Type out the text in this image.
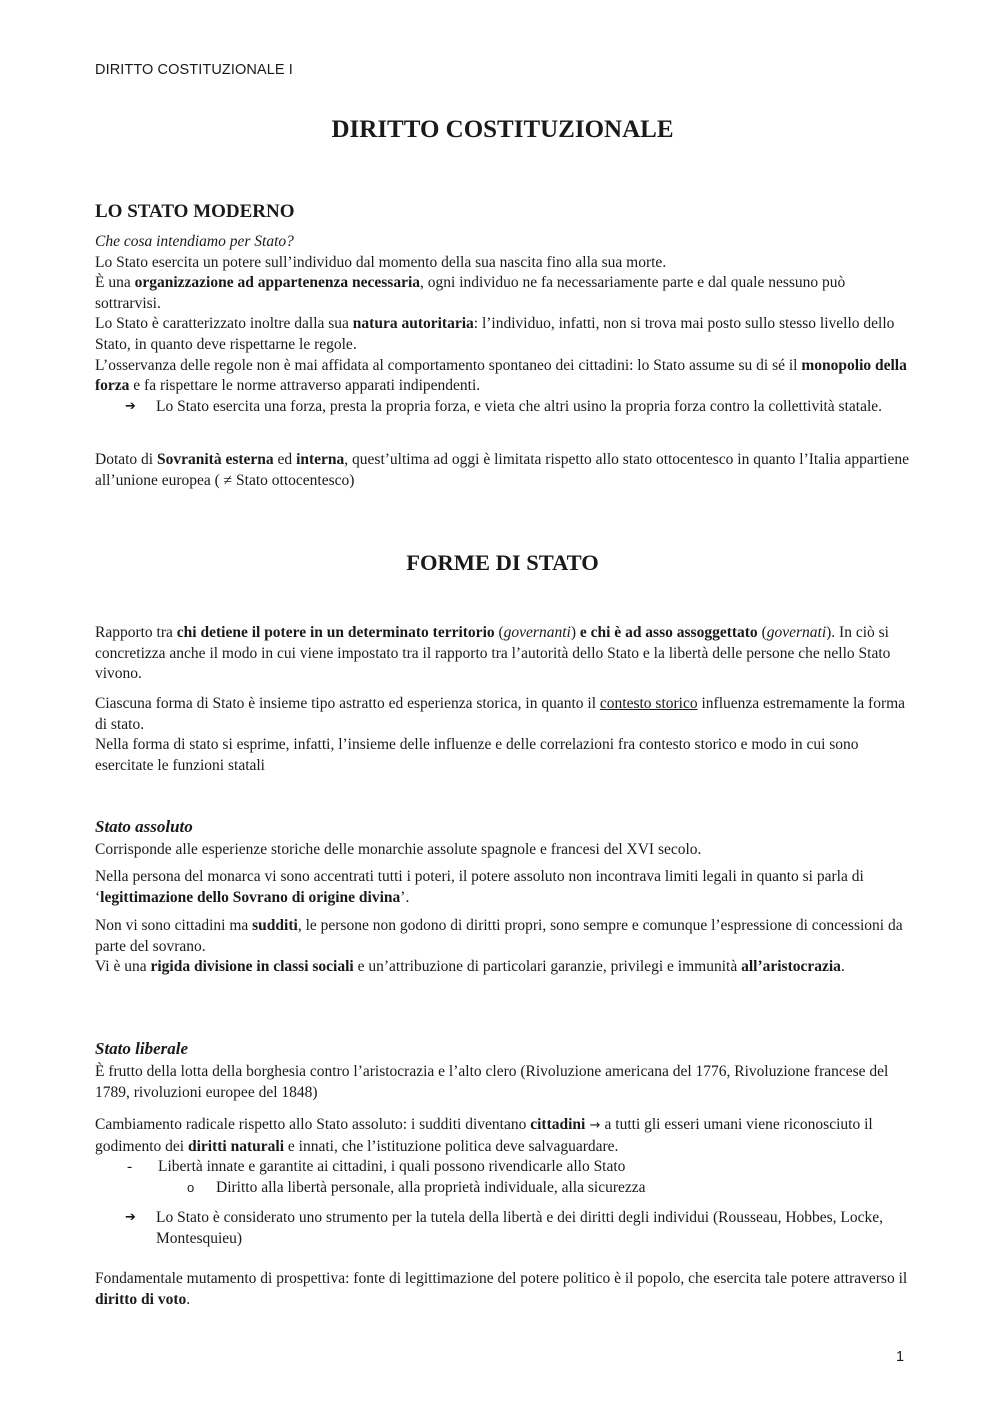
DIRITTO COSTITUZIONALE I
DIRITTO COSTITUZIONALE
LO STATO MODERNO

Che cosa intendiamo per Stato?

Lo Stato esercita un potere sull’individuo dal momento della sua nascita fino alla sua morte.

È una organizzazione ad appartenenza necessaria, ogni individuo ne fa necessariamente parte e dal quale nessuno può sottrarvisi.

Lo Stato è caratterizzato inoltre dalla sua natura autoritaria: l’individuo, infatti, non si trova mai posto sullo stesso livello dello Stato, in quanto deve rispettarne le regole.

L’osservanza delle regole non è mai affidata al comportamento spontaneo dei cittadini: lo Stato assume su di sé il monopolio della forza e fa rispettare le norme attraverso apparati indipendenti.

➔	Lo Stato esercita una forza, presta la propria forza, e vieta che altri usino la propria forza contro la collettività statale.

Dotato di Sovranità esterna ed interna, quest’ultima ad oggi è limitata rispetto allo stato ottocentesco in quanto l’Italia appartiene all’unione europea ( ≠ Stato ottocentesco)

FORME DI STATO

Rapporto tra chi detiene il potere in un determinato territorio (governanti) e chi è ad asso assoggettato (governati). In ciò si concretizza anche il modo in cui viene impostato tra il rapporto tra l’autorità dello Stato e la libertà delle persone che nello Stato vivono.

Ciascuna forma di Stato è insieme tipo astratto ed esperienza storica, in quanto il contesto storico influenza estremamente la forma di stato.

Nella forma di stato si esprime, infatti, l’insieme delle influenze e delle correlazioni fra contesto storico e modo in cui sono esercitate le funzioni statali

Stato assoluto

Corrisponde alle esperienze storiche delle monarchie assolute spagnole e francesi del XVI secolo.

Nella persona del monarca vi sono accentrati tutti i poteri, il potere assoluto non incontrava limiti legali in quanto si parla di ‘legittimazione dello Sovrano di origine divina’.

Non vi sono cittadini ma sudditi, le persone non godono di diritti propri, sono sempre e comunque l’espressione di concessioni da parte del sovrano.

Vi è una rigida divisione in classi sociali e un’attribuzione di particolari garanzie, privilegi e immunità all’aristocrazia.

Stato liberale

È frutto della lotta della borghesia contro l’aristocrazia e l’alto clero (Rivoluzione americana del 1776, Rivoluzione francese del 1789, rivoluzioni europee del 1848)

Cambiamento radicale rispetto allo Stato assoluto: i sudditi diventano cittadini → a tutti gli esseri umani viene riconosciuto il godimento dei diritti naturali e innati, che l’istituzione politica deve salvaguardare.

-	Libertà innate e garantite ai cittadini, i quali possono rivendicarle allo Stato
o	Diritto alla libertà personale, alla proprietà individuale, alla sicurezza
➔	Lo Stato è considerato uno strumento per la tutela della libertà e dei diritti degli individui (Rousseau, Hobbes, Locke, Montesquieu)

Fondamentale mutamento di prospettiva: fonte di legittimazione del potere politico è il popolo, che esercita tale potere attraverso il diritto di voto.

1
